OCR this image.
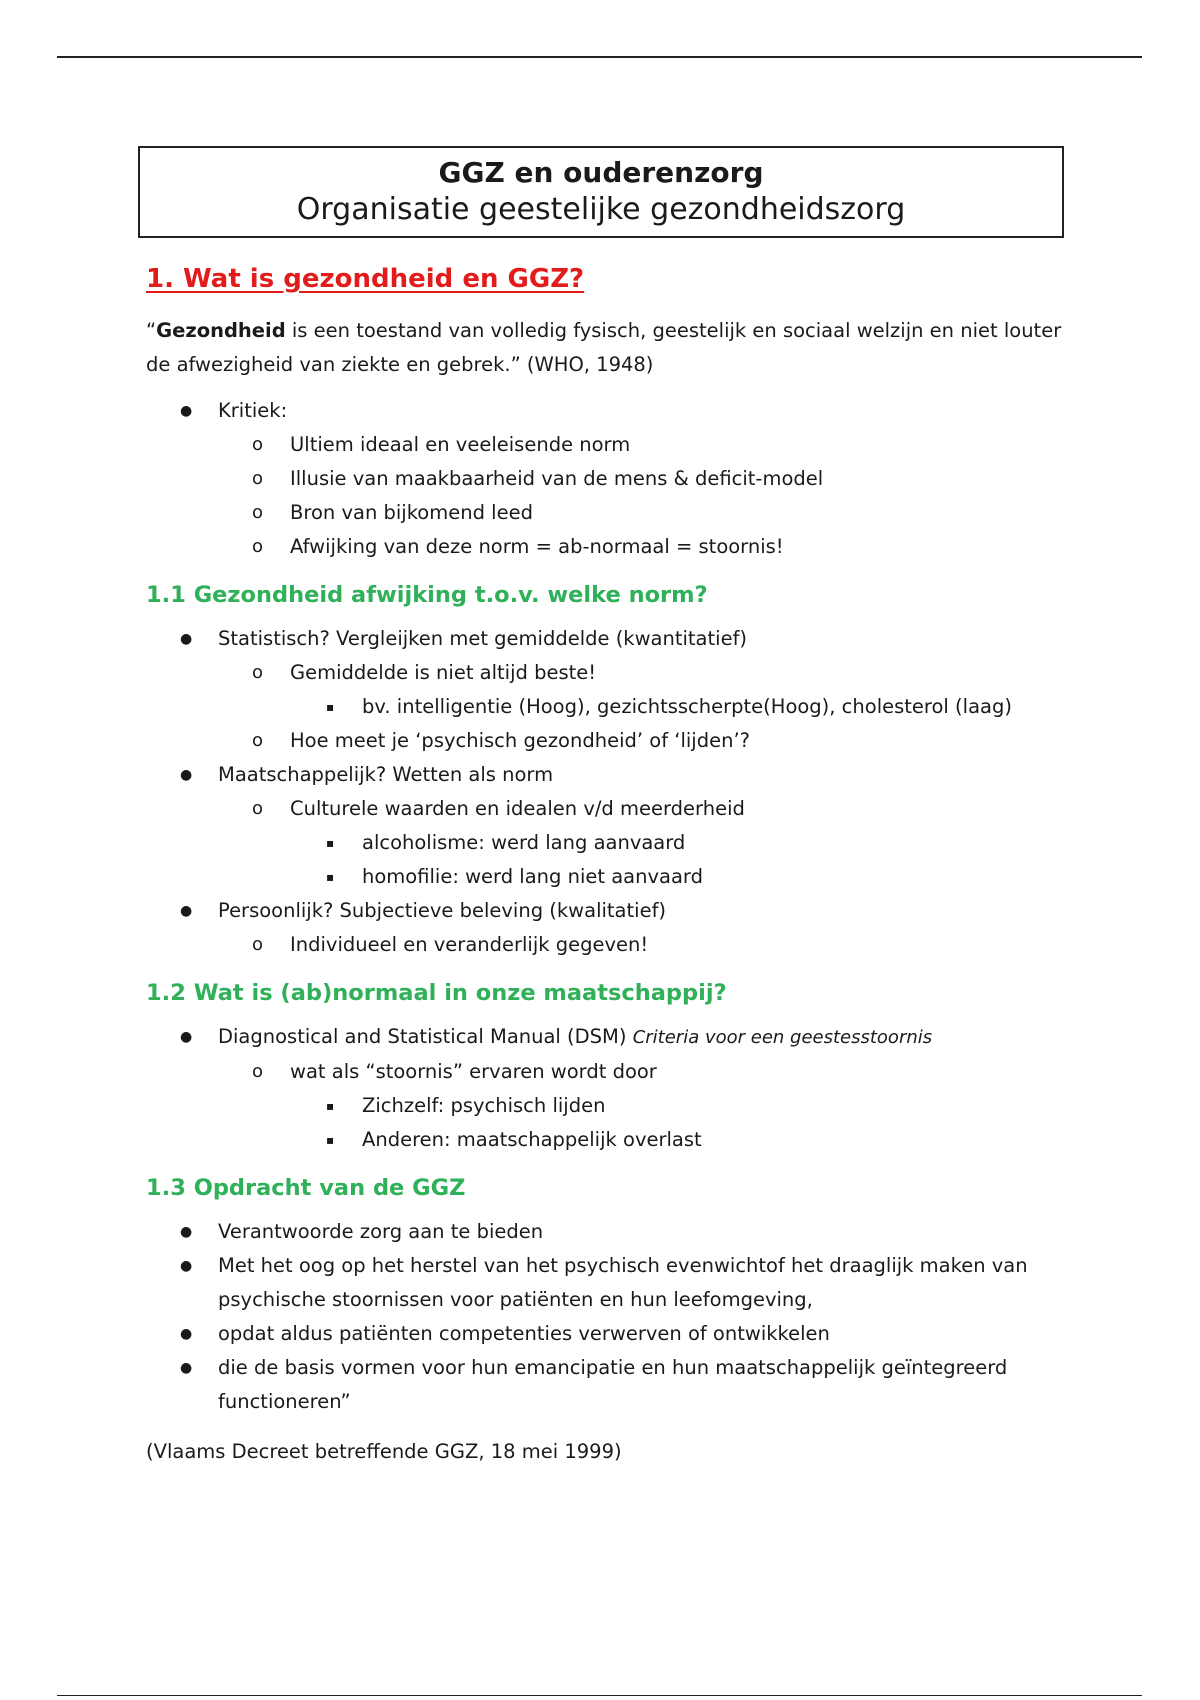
GGZ en ouderenzorg
Organisatie geestelijke gezondheidszorg
1. Wat is gezondheid en GGZ?

“Gezondheid is een toestand van volledig fysisch, geestelijk en sociaal welzijn en niet louter de afwezigheid van ziekte en gebrek.” (WHO, 1948)

● Kritiek:
o Ultiem ideaal en veeleisende norm
o Illusie van maakbaarheid van de mens & deficit-model
o Bron van bijkomend leed
o Afwijking van deze norm = ab-normaal = stoornis!
1.1 Gezondheid afwijking t.o.v. welke norm?
● Statistisch? Vergleijken met gemiddelde (kwantitatief)
o Gemiddelde is niet altijd beste!
▪ bv. intelligentie (Hoog), gezichtsscherpte(Hoog), cholesterol (laag)
o Hoe meet je ‘psychisch gezondheid’ of ‘lijden’?
● Maatschappelijk? Wetten als norm
o Culturele waarden en idealen v/d meerderheid
▪ alcoholisme: werd lang aanvaard
▪ homofilie: werd lang niet aanvaard
● Persoonlijk? Subjectieve beleving (kwalitatief)
o Individueel en veranderlijk gegeven!
1.2 Wat is (ab)normaal in onze maatschappij?
● Diagnostical and Statistical Manual (DSM) Criteria voor een geestesstoornis
o wat als “stoornis” ervaren wordt door
▪ Zichzelf: psychisch lijden
▪ Anderen: maatschappelijk overlast
1.3 Opdracht van de GGZ
● Verantwoorde zorg aan te bieden
● Met het oog op het herstel van het psychisch evenwichtof het draaglijk maken van psychische stoornissen voor patiënten en hun leefomgeving,
● opdat aldus patiënten competenties verwerven of ontwikkelen
● die de basis vormen voor hun emancipatie en hun maatschappelijk geïntegreerd functioneren”

(Vlaams Decreet betreffende GGZ, 18 mei 1999)
